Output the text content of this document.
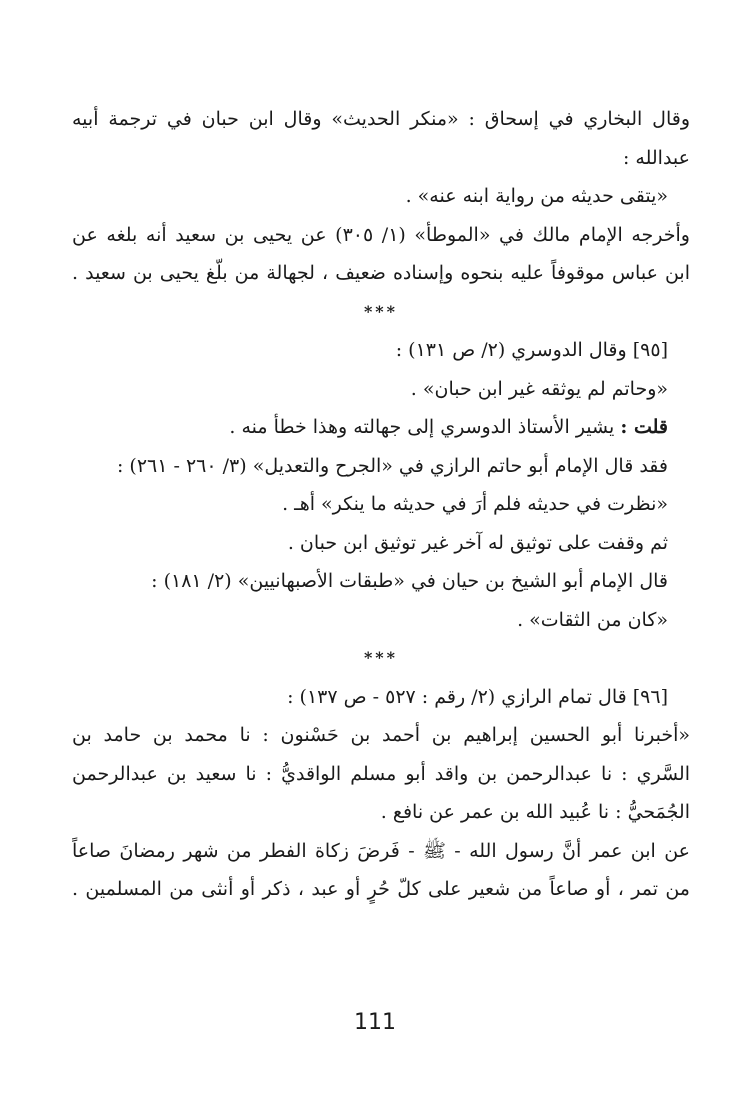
وقال البخاري في إسحاق : «منكر الحديث» وقال ابن حبان في ترجمة أبيه
عبدالله :
«يتقى حديثه من رواية ابنه عنه» .
وأخرجه الإمام مالك في «الموطأ» (١/ ٣٠٥) عن يحيى بن سعيد أنه بلغه عن
ابن عباس موقوفاً عليه بنحوه وإسناده ضعيف ، لجهالة من بلّغ يحيى بن سعيد .
***
[٩٥] وقال الدوسري (٢/ ص ١٣١) :
«وحاتم لم يوثقه غير ابن حبان» .
قلت : يشير الأستاذ الدوسري إلى جهالته وهذا خطأ منه .
فقد قال الإمام أبو حاتم الرازي في «الجرح والتعديل» (٣/ ٢٦٠ - ٢٦١) :
«نظرت في حديثه فلم أرَ في حديثه ما ينكر» أهـ .
ثم وقفت على توثيق له آخر غير توثيق ابن حبان .
قال الإمام أبو الشيخ بن حيان في «طبقات الأصبهانيين» (٢/ ١٨١) :
«كان من الثقات» .
***
[٩٦] قال تمام الرازي (٢/ رقم : ٥٢٧ - ص ١٣٧) :
«أخبرنا أبو الحسين إبراهيم بن أحمد بن حَسْنون : نا محمد بن حامد بن
السَّري : نا عبدالرحمن بن واقد أبو مسلم الواقديُّ : نا سعيد بن عبدالرحمن
الجُمَحيُّ : نا عُبيد الله بن عمر عن نافع .
عن ابن عمر أنَّ رسول الله - ﷺ - فَرضَ زكاة الفطر من شهر رمضانَ صاعاً
من تمر ، أو صاعاً من شعير على كلّ حُرٍ أو عبد ، ذكر أو أنثى من المسلمين .
111
